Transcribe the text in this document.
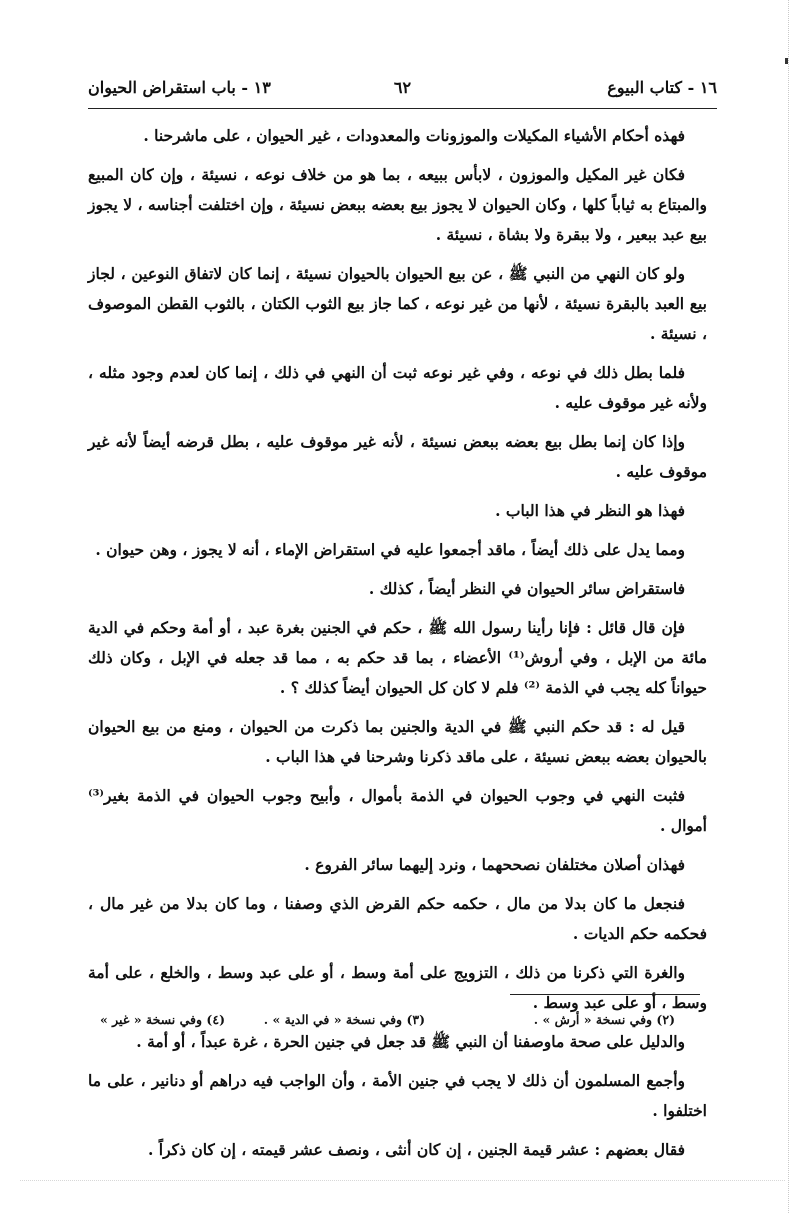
١٦ - كتاب البيوع
٦٢
١٣ - باب استقراض الحيوان

فهذه أحكام الأشياء المكيلات والموزونات والمعدودات ، غير الحيوان ، على ماشرحنا .

فكان غير المكيل والموزون ، لابأس ببيعه ، بما هو من خلاف نوعه ، نسيئة ، وإن كان المبيع والمبتاع به ثياباً كلها ، وكان الحيوان لا يجوز بيع بعضه ببعض نسيئة ، وإن اختلفت أجناسه ، لا يجوز بيع عبد ببعير ، ولا ببقرة ولا بشاة ، نسيئة .

ولو كان النهي من النبي ﷺ ، عن بيع الحيوان بالحيوان نسيئة ، إنما كان لاتفاق النوعين ، لجاز بيع العبد بالبقرة نسيئة ، لأنها من غير نوعه ، كما جاز بيع الثوب الكتان ، بالثوب القطن الموصوف ، نسيئة .

فلما بطل ذلك في نوعه ، وفي غير نوعه ثبت أن النهي في ذلك ، إنما كان لعدم وجود مثله ، ولأنه غير موقوف عليه .

وإذا كان إنما بطل بيع بعضه ببعض نسيئة ، لأنه غير موقوف عليه ، بطل قرضه أيضاً لأنه غير موقوف عليه .

فهذا هو النظر في هذا الباب .

ومما يدل على ذلك أيضاً ، ماقد أجمعوا عليه في استقراض الإماء ، أنه لا يجوز ، وهن حيوان .

فاستقراض سائر الحيوان في النظر أيضاً ، كذلك .

فإن قال قائل : فإنا رأينا رسول الله ﷺ ، حكم في الجنين بغرة عبد ، أو أمة وحكم في الدية مائة من الإبل ، وفي أروش⁽¹⁾ الأعضاء ، بما قد حكم به ، مما قد جعله في الإبل ، وكان ذلك حيواناً كله يجب في الذمة ⁽²⁾ فلم لا كان كل الحيوان أيضاً كذلك ؟ .

قيل له : قد حكم النبي ﷺ في الدية والجنين بما ذكرت من الحيوان ، ومنع من بيع الحيوان بالحيوان بعضه ببعض نسيئة ، على ماقد ذكرنا وشرحنا في هذا الباب .

فثبت النهي في وجوب الحيوان في الذمة بأموال ، وأبيح وجوب الحيوان في الذمة بغير⁽³⁾ أموال .

فهذان أصلان مختلفان نصححهما ، ونرد إليهما سائر الفروع .

فنجعل ما كان بدلا من مال ، حكمه حكم القرض الذي وصفنا ، وما كان بدلا من غير مال ، فحكمه حكم الديات .

والغرة التي ذكرنا من ذلك ، التزويج على أمة وسط ، أو على عبد وسط ، والخلع ، على أمة وسط ، أو على عبد وسط .

والدليل على صحة ماوصفنا أن النبي ﷺ قد جعل في جنين الحرة ، غرة عبداً ، أو أمة .

وأجمع المسلمون أن ذلك لا يجب في جنين الأمة ، وأن الواجب فيه دراهم أو دنانير ، على ما اختلفوا .

فقال بعضهم : عشر قيمة الجنين ، إن كان أنثى ، ونصف عشر قيمته ، إن كان ذكراً .

(٢) وفي نسخة « أرش » .
(٣) وفي نسخة « في الدية » .
(٤) وفي نسخة « غير »
